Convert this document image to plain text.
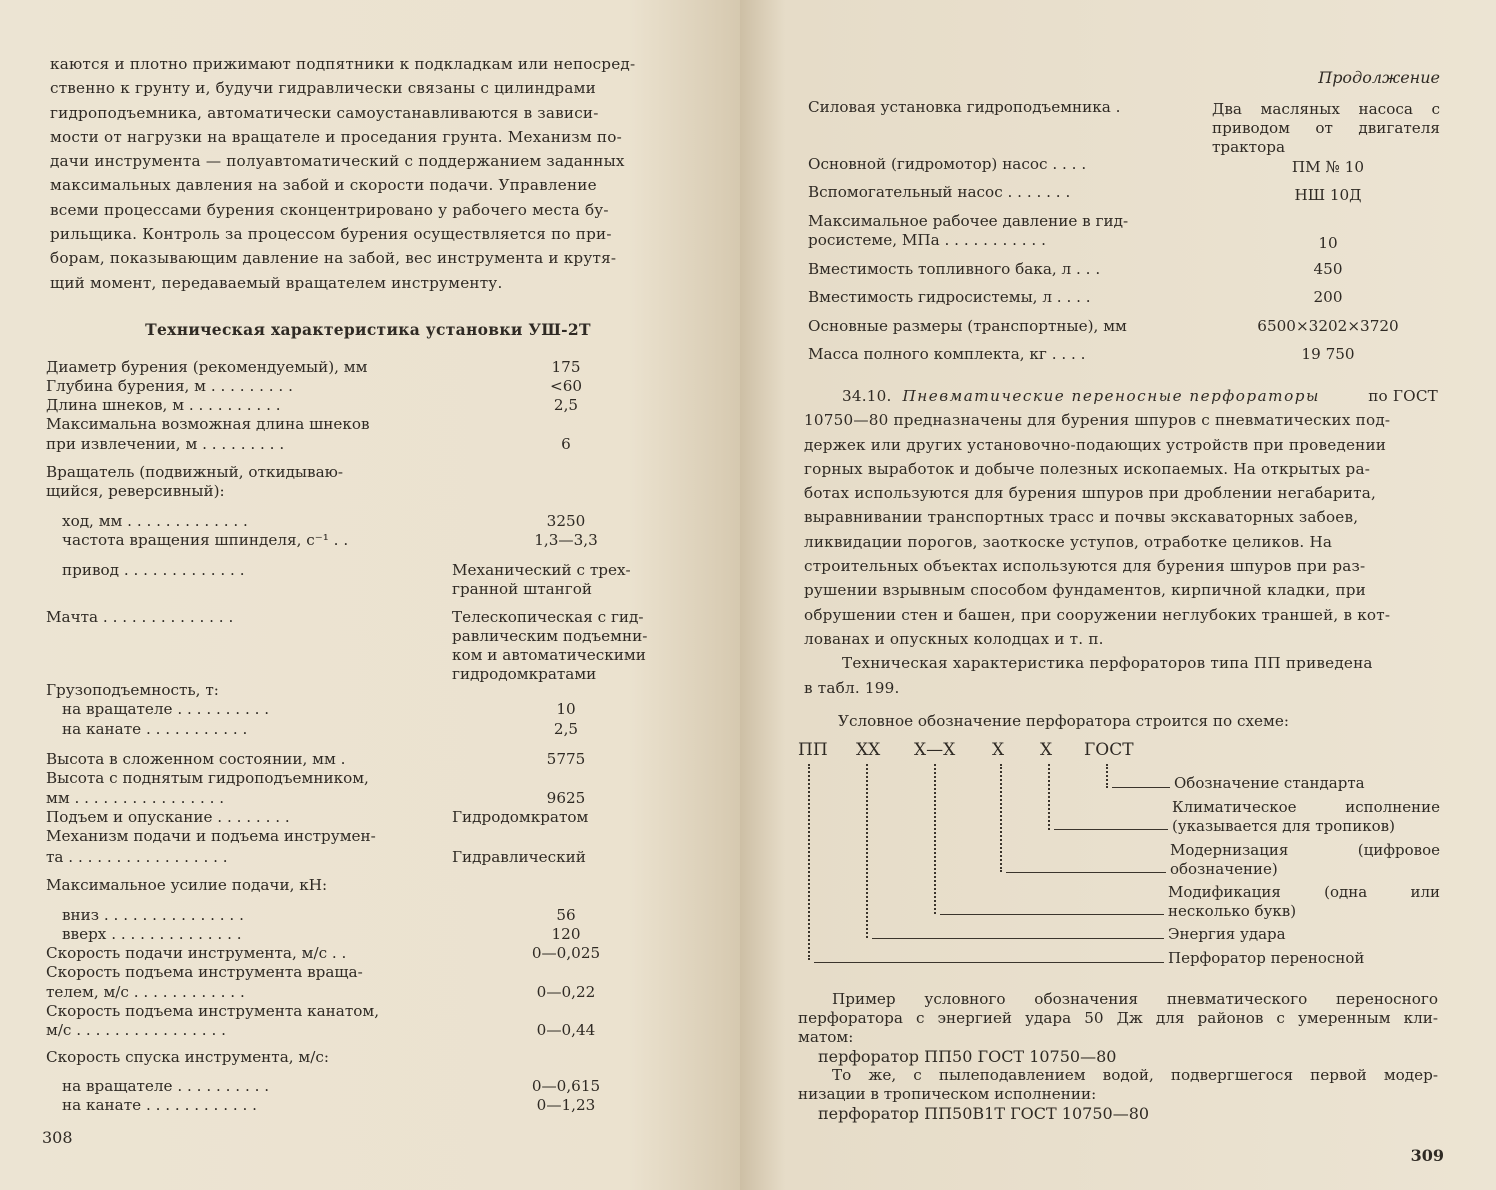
каются и плотно прижимают подпятники к подкладкам или непосред-

ственно к грунту и, будучи гидравлически связаны с цилиндрами

гидроподъемника, автоматически самоустанавливаются в зависи-

мости от нагрузки на вращателе и проседания грунта. Механизм по-

дачи инструмента — полуавтоматический с поддержанием заданных

максимальных давления на забой и скорости подачи. Управление

всеми процессами бурения сконцентрировано у рабочего места бу-

рильщика. Контроль за процессом бурения осуществляется по при-

борам, показывающим давление на забой, вес инструмента и крутя-

щий момент, передаваемый вращателем инструменту.

Техническая характеристика установки УШ-2Т
Диаметр бурения (рекомендуемый), мм	175
Глубина бурения, м . . . . . . . . .	<60
Длина шнеков, м . . . . . . . . . .	2,5
Максимальна возможная длина шнеков
при извлечении, м . . . . . . . . .	6
Вращатель (подвижный, откидываю-
щийся, реверсивный):
ход, мм . . . . . . . . . . . . .	3250
частота вращения шпинделя, с⁻¹ . .	1,3—3,3
привод . . . . . . . . . . . . .	Механический с трех-
гранной штангой
Мачта . . . . . . . . . . . . . .	Телескопическая с гид-
равлическим подъемни-
ком и автоматическими
гидродомкратами
Грузоподъемность, т:
на вращателе . . . . . . . . . .	10
на канате . . . . . . . . . . .	2,5
Высота в сложенном состоянии, мм .	5775
Высота с поднятым гидроподъемником,
мм . . . . . . . . . . . . . . . .	9625
Подъем и опускание . . . . . . . .	Гидродомкратом
Механизм подачи и подъема инструмен-
та . . . . . . . . . . . . . . . . .	Гидравлический
Максимальное усилие подачи, кН:
вниз . . . . . . . . . . . . . . .	56
вверх . . . . . . . . . . . . . .	120
Скорость подачи инструмента, м/с . .	0—0,025
Скорость подъема инструмента враща-
телем, м/с . . . . . . . . . . . .	0—0,22
Скорость подъема инструмента канатом,
м/с . . . . . . . . . . . . . . . .	0—0,44
Скорость спуска инструмента, м/с:
на вращателе . . . . . . . . . .	0—0,615
на канате . . . . . . . . . . . .	0—1,23
308
Продолжение
Силовая установка гидроподъемника .	Два масляных насоса с приводом от двигателя трактора
Основной (гидромотор) насос . . . .	ПМ № 10
Вспомогательный насос . . . . . . .	НШ 10Д
Максимальное рабочее давление в гид-
росистеме, МПа . . . . . . . . . . .	10
Вместимость топливного бака, л . . .	450
Вместимость гидросистемы, л . . . .	200
Основные размеры (транспортные), мм	6500×3202×3720
Масса полного комплекта, кг . . . .	19 750

34.10. Пневматические переносные перфораторы	по ГОСТ

10750—80 предназначены для бурения шпуров с пневматических под-

держек или других установочно-подающих устройств при проведении

горных выработок и добыче полезных ископаемых. На открытых ра-

ботах используются для бурения шпуров при дроблении негабарита,

выравнивании транспортных трасс и почвы экскаваторных забоев,

ликвидации порогов, заоткоске уступов, отработке целиков. На

строительных объектах используются для бурения шпуров при раз-

рушении взрывным способом фундаментов, кирпичной кладки, при

обрушении стен и башен, при сооружении неглубоких траншей, в кот-

лованах и опускных колодцах и т. п.

Техническая характеристика перфораторов типа ПП приведена

в табл. 199.

Условное обозначение перфоратора строится по схеме:
ПП XX X—X X X ГОСТ
Обозначение стандарта
Климатическое исполнение (указывается для тропиков)
Модернизация (цифровое обозначение)
Модификация (одна или несколько букв)
Энергия удара
Перфоратор переносной
Пример условного обозначения пневматического переносного
перфоратора с энергией удара 50 Дж для районов с умеренным кли-
матом:
перфоратор ПП50 ГОСТ 10750—80
То же, с пылеподавлением водой, подвергшегося первой модер-
низации в тропическом исполнении:
перфоратор ПП50В1Т ГОСТ 10750—80
309
